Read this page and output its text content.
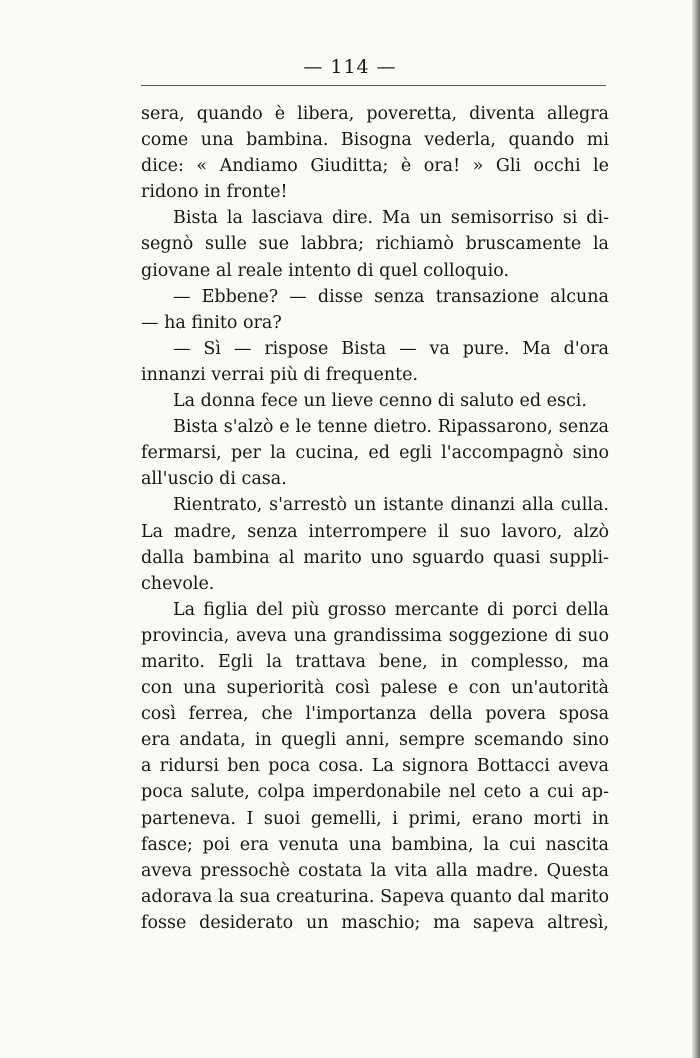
— 114 —
sera, quando è libera, poveretta, diventa allegra
come una bambina. Bisogna vederla, quando mi
dice: « Andiamo Giuditta; è ora! » Gli occhi le
ridono in fronte!
Bista la lasciava dire. Ma un semisorriso si di-
segnò sulle sue labbra; richiamò bruscamente la
giovane al reale intento di quel colloquio.
— Ebbene? — disse senza transazione alcuna
— ha finito ora?
— Sì — rispose Bista — va pure. Ma d'ora
innanzi verrai più di frequente.
La donna fece un lieve cenno di saluto ed esci.
Bista s'alzò e le tenne dietro. Ripassarono, senza
fermarsi, per la cucina, ed egli l'accompagnò sino
all'uscio di casa.
Rientrato, s'arrestò un istante dinanzi alla culla.
La madre, senza interrompere il suo lavoro, alzò
dalla bambina al marito uno sguardo quasi suppli-
chevole.
La figlia del più grosso mercante di porci della
provincia, aveva una grandissima soggezione di suo
marito. Egli la trattava bene, in complesso, ma
con una superiorità così palese e con un'autorità
così ferrea, che l'importanza della povera sposa
era andata, in quegli anni, sempre scemando sino
a ridursi ben poca cosa. La signora Bottacci aveva
poca salute, colpa imperdonabile nel ceto a cui ap-
parteneva. I suoi gemelli, i primi, erano morti in
fasce; poi era venuta una bambina, la cui nascita
aveva pressochè costata la vita alla madre. Questa
adorava la sua creaturina. Sapeva quanto dal marito
fosse desiderato un maschio; ma sapeva altresì,
